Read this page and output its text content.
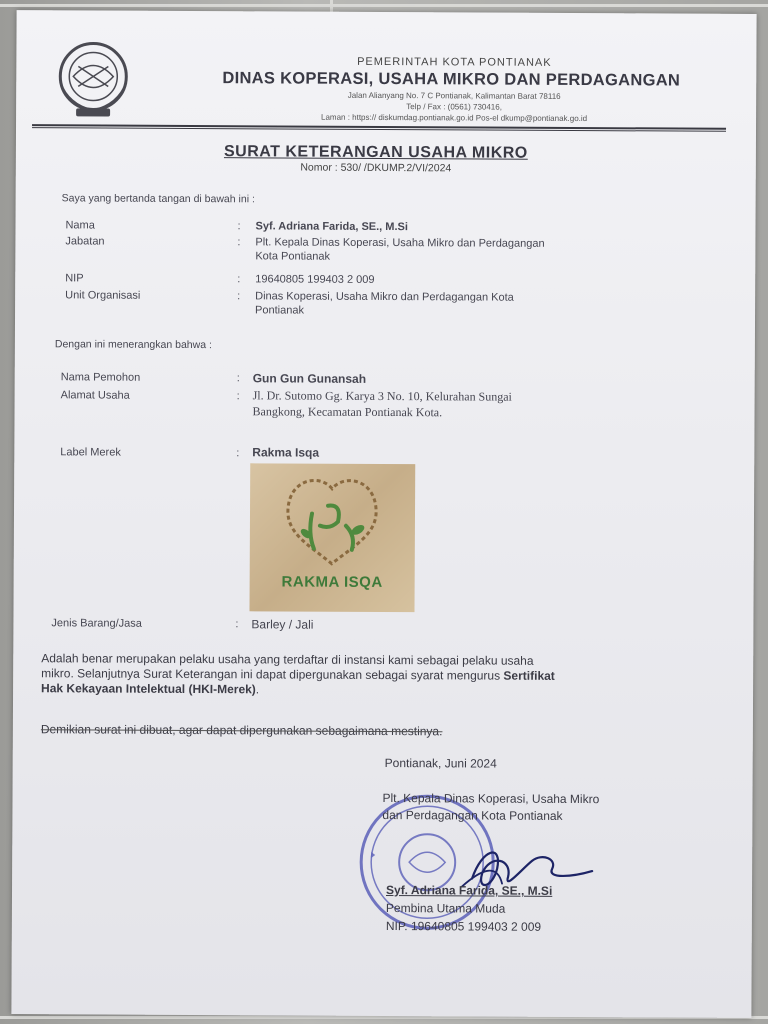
PEMERINTAH KOTA PONTIANAK
DINAS KOPERASI, USAHA MIKRO DAN PERDAGANGAN
Jalan Alianyang No. 7 C Pontianak, Kalimantan Barat 78116
Telp / Fax : (0561) 730416,
Laman : https:// diskumdag.pontianak.go.id Pos-el dkump@pontianak.go.id
SURAT KETERANGAN USAHA MIKRO
Nomor : 530/ /DKUMP.2/VI/2024
Saya yang bertanda tangan di bawah ini :
Nama	: Syf. Adriana Farida, SE., M.Si
Jabatan	: Plt. Kepala Dinas Koperasi, Usaha Mikro dan Perdagangan
Kota Pontianak
NIP	: 19640805 199403 2 009
Unit Organisasi	: Dinas Koperasi, Usaha Mikro dan Perdagangan Kota
Pontianak
Dengan ini menerangkan bahwa :
Nama Pemohon	: Gun Gun Gunansah
Alamat Usaha	: Jl. Dr. Sutomo Gg. Karya 3 No. 10, Kelurahan Sungai
Bangkong, Kecamatan Pontianak Kota.
Label Merek	: Rakma Isqa
RAKMA ISQA
Jenis Barang/Jasa	: Barley / Jali
Adalah benar merupakan pelaku usaha yang terdaftar di instansi kami sebagai pelaku usaha
mikro. Selanjutnya Surat Keterangan ini dapat dipergunakan sebagai syarat mengurus Sertifikat
Hak Kekayaan Intelektual (HKI-Merek).
Demikian surat ini dibuat, agar dapat dipergunakan sebagaimana mestinya.
Pontianak, Juni 2024
Plt. Kepala Dinas Koperasi, Usaha Mikro
dan Perdagangan Kota Pontianak
Syf. Adriana Farida, SE., M.Si
Pembina Utama Muda
NIP. 19640805 199403 2 009
